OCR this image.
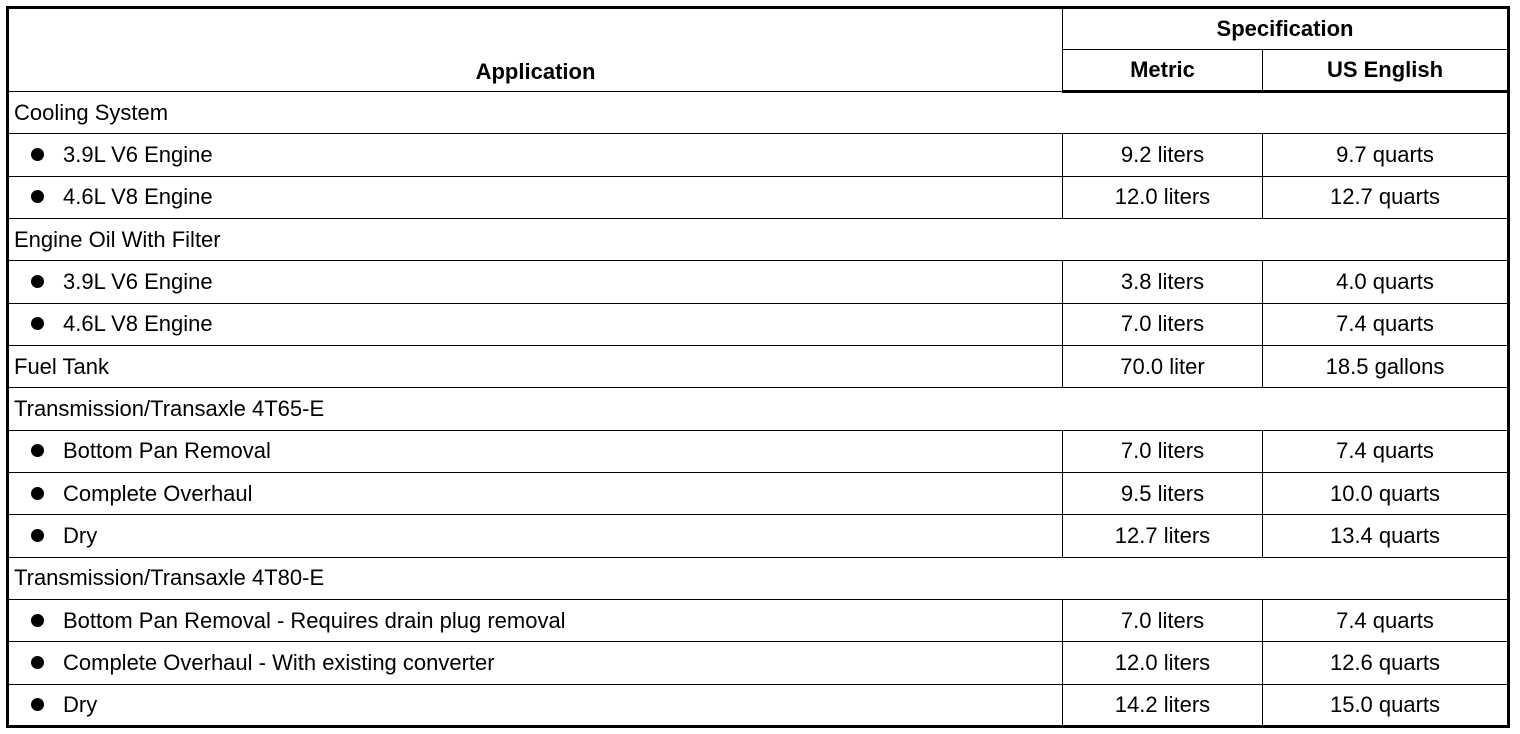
Application	Specification	
	Metric	US English
Cooling System		
3.9L V6 Engine	9.2 liters	9.7 quarts
4.6L V8 Engine	12.0 liters	12.7 quarts
Engine Oil With Filter		
3.9L V6 Engine	3.8 liters	4.0 quarts
4.6L V8 Engine	7.0 liters	7.4 quarts
Fuel Tank	70.0 liter	18.5 gallons
Transmission/Transaxle 4T65-E		
Bottom Pan Removal	7.0 liters	7.4 quarts
Complete Overhaul	9.5 liters	10.0 quarts
Dry	12.7 liters	13.4 quarts
Transmission/Transaxle 4T80-E		
Bottom Pan Removal - Requires drain plug removal	7.0 liters	7.4 quarts
Complete Overhaul - With existing converter	12.0 liters	12.6 quarts
Dry	14.2 liters	15.0 quarts
